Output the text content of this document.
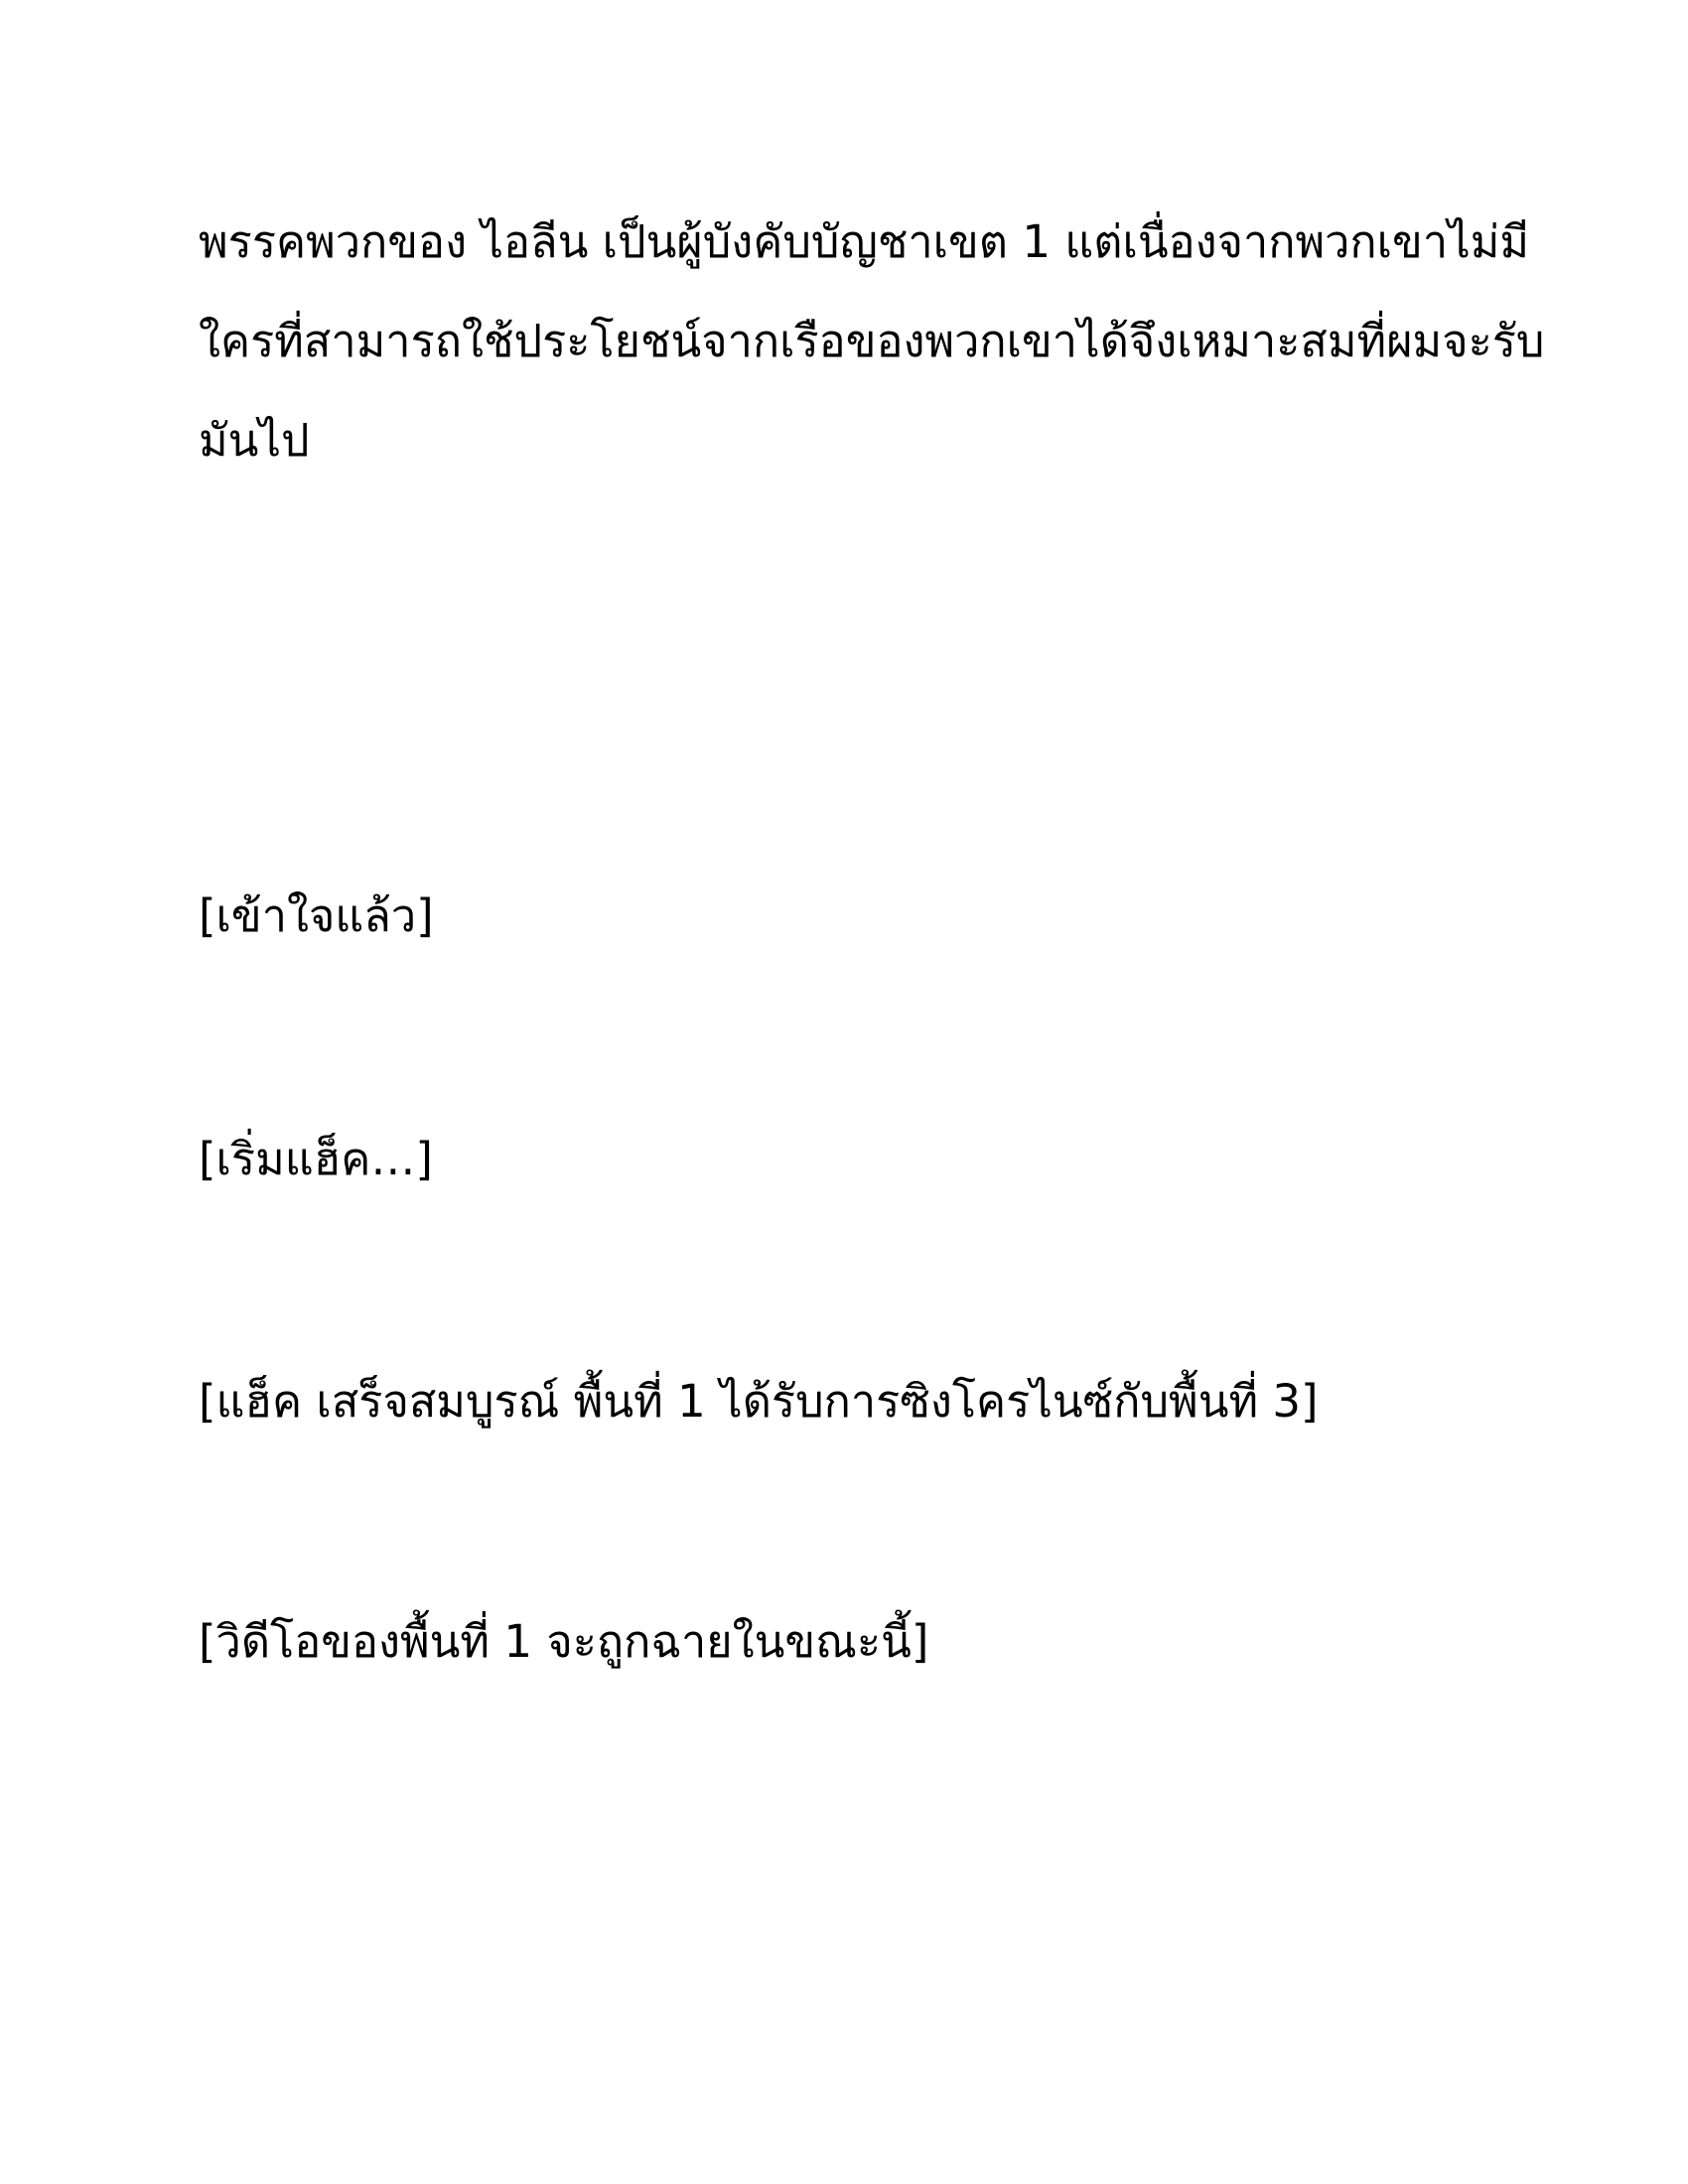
พรรคพวกของ ไอลีน เป็นผู้บังคับบัญชาเขต 1 แต่เนื่องจากพวกเขาไม่มี
ใครที่สามารถใช้ประโยชน์จากเรือของพวกเขาได้จึงเหมาะสมที่ผมจะรับ
มันไป
[เข้าใจแล้ว]
[เริ่มแฮ็ค…]
[แฮ็ค เสร็จสมบูรณ์ พื้นที่ 1 ได้รับการซิงโครไนซ์กับพื้นที่ 3]
[วิดีโอของพื้นที่ 1 จะถูกฉายในขณะนี้]
